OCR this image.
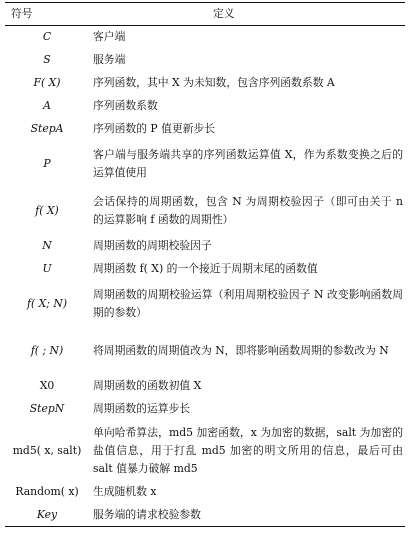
符号	定义
C	客户端
S	服务端
F( X)	序列函数，其中 X 为未知数，包含序列函数系数 A
A	序列函数系数
StepA	序列函数的 P 值更新步长
P	客户端与服务端共享的序列函数运算值 X，作为系数变换之后的运算值使用
f( X)	会话保持的周期函数，包含 N 为周期校验因子（即可由关于 n 的运算影响 f 函数的周期性）
N	周期函数的周期校验因子
U	周期函数 f( X) 的一个接近于周期末尾的函数值
f( X; N)	周期函数的周期校验运算（利用周期校验因子 N 改变影响函数周期的参数）
f( ; N)	将周期函数的周期值改为 N，即将影响函数周期的参数改为 N
X0	周期函数的函数初值 X
StepN	周期函数的运算步长
md5( x, salt)	单向哈希算法，md5 加密函数，x 为加密的数据，salt 为加密的盐值信息，用于打乱 md5 加密的明文所用的信息，最后可由 salt 值暴力破解 md5
Random( x)	生成随机数 x
Key	服务端的请求校验参数
